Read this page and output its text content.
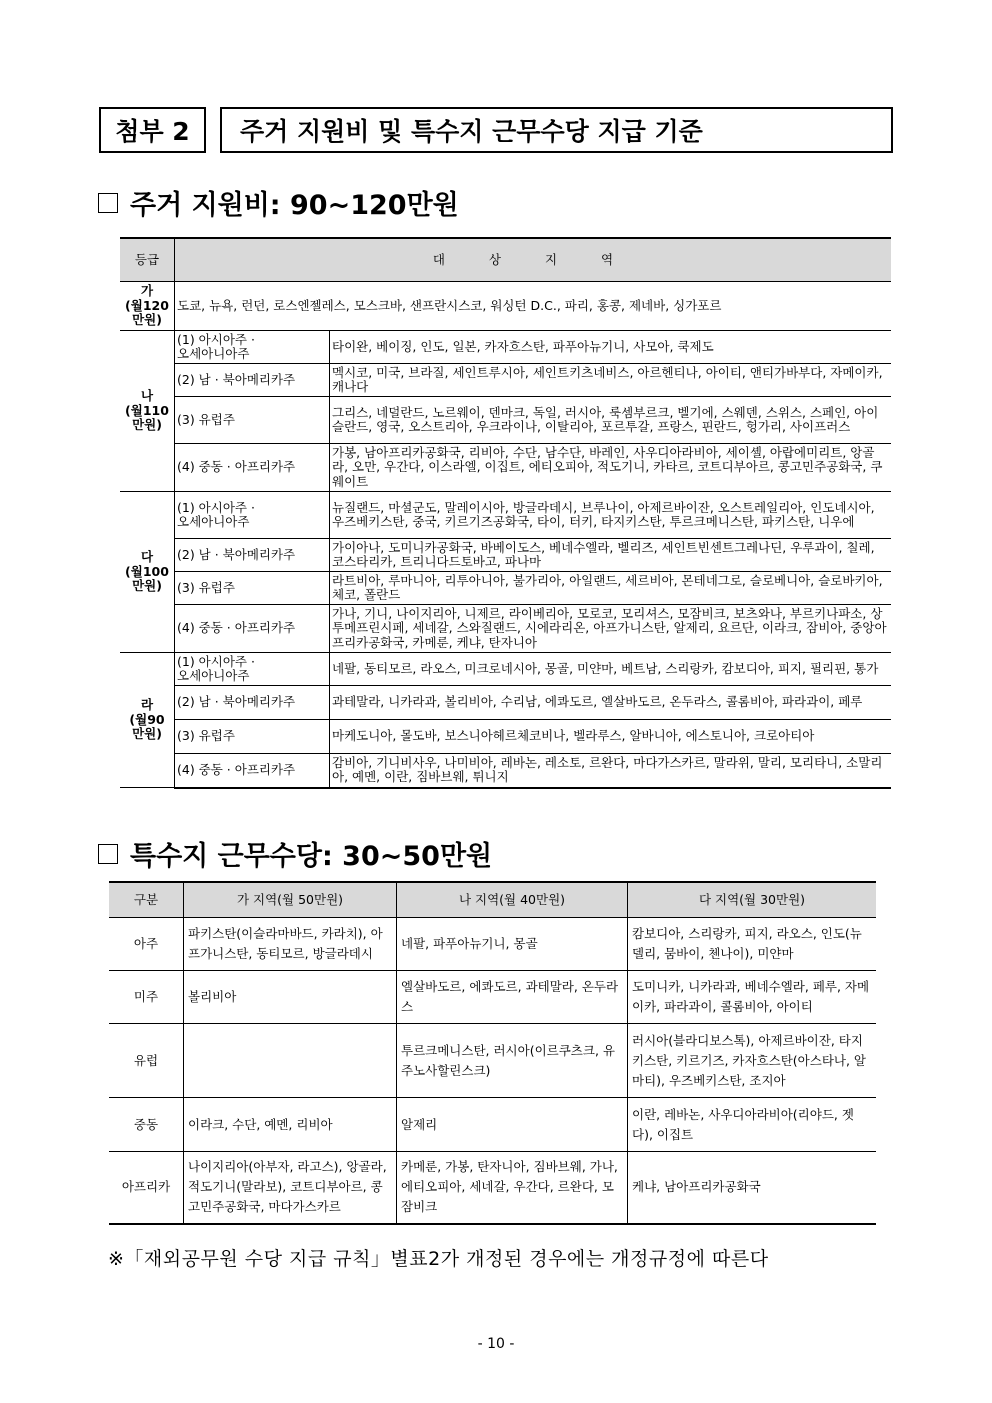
첨부 2	주거 지원비 및 특수지 근무수당 지급 기준
주거 지원비: 90~120만원
등급	대 상 지 역	
가
(월120
만원)	도쿄, 뉴욕, 런던, 로스엔젤레스, 모스크바, 샌프란시스코, 워싱턴 D.C., 파리, 홍콩, 제네바, 싱가포르	
나
(월110
만원)	(1) 아시아주 ·
오세아니아주	타이완, 베이징, 인도, 일본, 카자흐스탄, 파푸아뉴기니, 사모아, 쿡제도
	(2) 남 · 북아메리카주	멕시코, 미국, 브라질, 세인트루시아, 세인트키츠네비스, 아르헨티나, 아이티, 앤티가바부다, 자메이카, 캐나다
	(3) 유럽주	그리스, 네덜란드, 노르웨이, 덴마크, 독일, 러시아, 룩셈부르크, 벨기에, 스웨덴, 스위스, 스페인, 아이슬란드, 영국, 오스트리아, 우크라이나, 이탈리아, 포르투갈, 프랑스, 핀란드, 헝가리, 사이프러스
	(4) 중동 · 아프리카주	가봉, 남아프리카공화국, 리비아, 수단, 남수단, 바레인, 사우디아라비아, 세이셸, 아랍에미리트, 앙골라, 오만, 우간다, 이스라엘, 이집트, 에티오피아, 적도기니, 카타르, 코트디부아르, 콩고민주공화국, 쿠웨이트
다
(월100
만원)	(1) 아시아주 ·
오세아니아주	뉴질랜드, 마셜군도, 말레이시아, 방글라데시, 브루나이, 아제르바이잔, 오스트레일리아, 인도네시아, 우즈베키스탄, 중국, 키르기즈공화국, 타이, 터키, 타지키스탄, 투르크메니스탄, 파키스탄, 니우에
	(2) 남 · 북아메리카주	가이아나, 도미니카공화국, 바베이도스, 베네수엘라, 벨리즈, 세인트빈센트그레나딘, 우루과이, 칠레, 코스타리카, 트리니다드토바고, 파나마
	(3) 유럽주	라트비아, 루마니아, 리투아니아, 불가리아, 아일랜드, 세르비아, 몬테네그로, 슬로베니아, 슬로바키아, 체코, 폴란드
	(4) 중동 · 아프리카주	가나, 기니, 나이지리아, 니제르, 라이베리아, 모로코, 모리셔스, 모잠비크, 보츠와나, 부르키나파소, 상투메프린시페, 세네갈, 스와질랜드, 시에라리온, 아프가니스탄, 알제리, 요르단, 이라크, 잠비아, 중앙아프리카공화국, 카메룬, 케냐, 탄자니아
라
(월90
만원)	(1) 아시아주 ·
오세아니아주	네팔, 동티모르, 라오스, 미크로네시아, 몽골, 미얀마, 베트남, 스리랑카, 캄보디아, 피지, 필리핀, 통가
	(2) 남 · 북아메리카주	과테말라, 니카라과, 볼리비아, 수리남, 에콰도르, 엘살바도르, 온두라스, 콜롬비아, 파라과이, 페루
	(3) 유럽주	마케도니아, 몰도바, 보스니아헤르체코비나, 벨라루스, 알바니아, 에스토니아, 크로아티아
	(4) 중동 · 아프리카주	감비아, 기니비사우, 나미비아, 레바논, 레소토, 르완다, 마다가스카르, 말라위, 말리, 모리타니, 소말리아, 예멘, 이란, 짐바브웨, 튀니지
특수지 근무수당: 30~50만원
구분	가 지역(월 50만원)	나 지역(월 40만원)	다 지역(월 30만원)
아주	파키스탄(이슬라마바드, 카라치), 아프가니스탄, 동티모르, 방글라데시	네팔, 파푸아뉴기니, 몽골	캄보디아, 스리랑카, 피지, 라오스, 인도(뉴델리, 뭄바이, 첸나이), 미얀마
미주	볼리비아	엘살바도르, 에콰도르, 과테말라, 온두라스	도미니카, 니카라과, 베네수엘라, 페루, 자메이카, 파라과이, 콜롬비아, 아이티
유럽		투르크메니스탄, 러시아(이르쿠츠크, 유주노사할린스크)	러시아(블라디보스톡), 아제르바이잔, 타지키스탄, 키르기즈, 카자흐스탄(아스타나, 알마티), 우즈베키스탄, 조지아
중동	이라크, 수단, 예멘, 리비아	알제리	이란, 레바논, 사우디아라비아(리야드, 젯다), 이집트
아프리카	나이지리아(아부자, 라고스), 앙골라, 적도기니(말라보), 코트디부아르, 콩고민주공화국, 마다가스카르	카메룬, 가봉, 탄자니아, 짐바브웨, 가나, 에티오피아, 세네갈, 우간다, 르완다, 모잠비크	케냐, 남아프리카공화국
※「재외공무원 수당 지급 규칙」별표2가 개정된 경우에는 개정규정에 따른다
- 10 -
